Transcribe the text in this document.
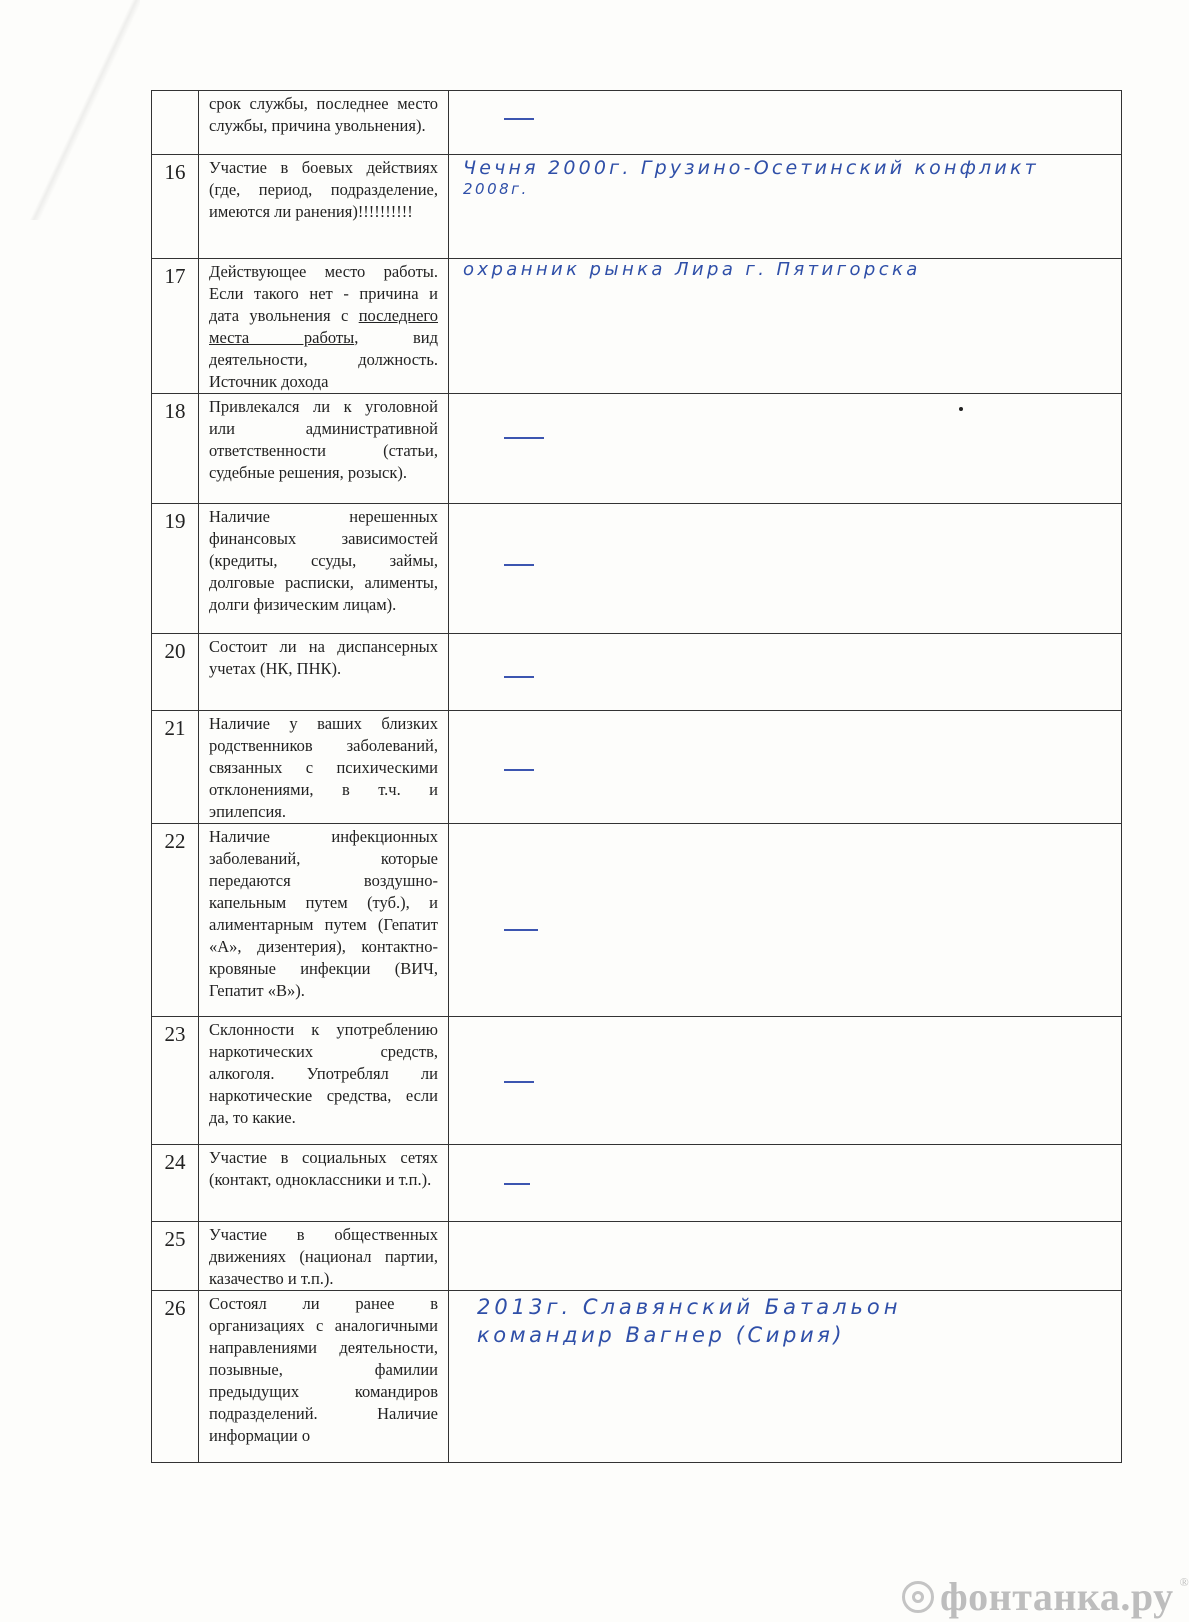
	срок службы, последнее место службы, причина увольнения).	

16	Участие в боевых действиях (где, период, подразделение, имеются ли ранения)!!!!!!!!!!	Чечня 2000г. Грузино-Осетинский конфликт
2008г.

17	Действующее место работы. Если такого нет - причина и дата увольнения с последнего места работы, вид деятельности, должность. Источник дохода	охранник рынка Лира г. Пятигорска

18	Привлекался ли к уголовной или административной ответственности (статьи, судебные решения, розыск).	

19	Наличие нерешенных финансовых зависимостей (кредиты, ссуды, займы, долговые расписки, алименты, долги физическим лицам).	

20	Состоит ли на диспансерных учетах (НК, ПНК).	

21	Наличие у ваших близких родственников заболеваний, связанных с психическими отклонениями, в т.ч. и эпилепсия.	

22	Наличие инфекционных заболеваний, которые передаются воздушно-капельным путем (туб.), и алиментарным путем (Гепатит «А», дизентерия), контактно-кровяные инфекции (ВИЧ, Гепатит «В»).	

23	Склонности к употреблению наркотических средств, алкоголя. Употреблял ли наркотические средства, если да, то какие.	

24	Участие в социальных сетях (контакт, одноклассники и т.п.).	

25	Участие в общественных движениях (национал партии, казачество и т.п.).	
26	Состоял ли ранее в организациях с аналогичными направлениями деятельности, позывные, фамилии предыдущих командиров подразделений. Наличие информации о	2013г. Славянский Батальон
командир Вагнер (Сирия)
фонтанка.ру ®
